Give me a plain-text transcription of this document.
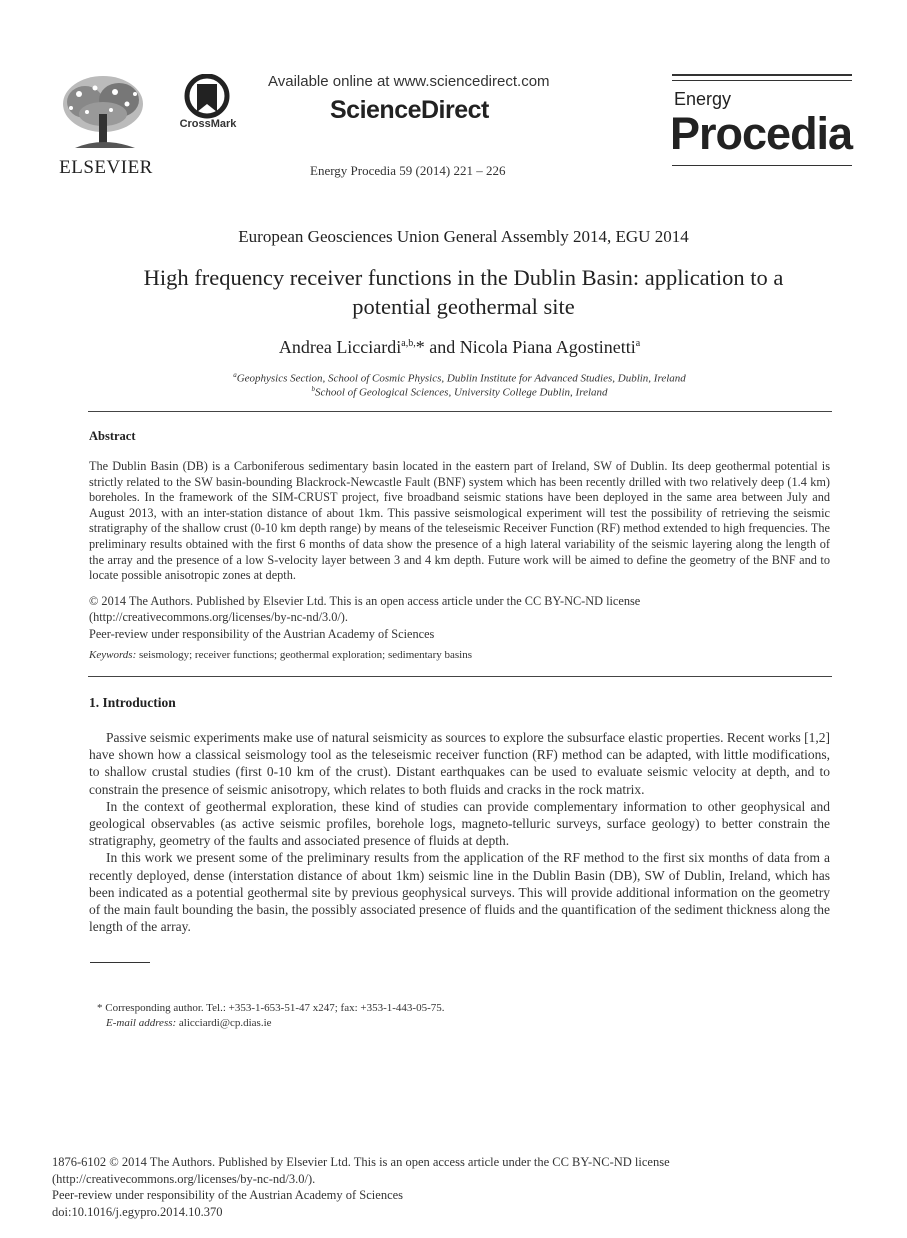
ELSEVIER
CrossMark
Available online at www.sciencedirect.com
ScienceDirect
Energy Procedia 59 (2014) 221 – 226
Energy
Procedia
European Geosciences Union General Assembly 2014, EGU 2014
High frequency receiver functions in the Dublin Basin: application to a
potential geothermal site
Andrea Licciardi$^{a,b,}$* and Nicola Piana Agostinetti$^a$
$^a$Geophysics Section, School of Cosmic Physics, Dublin Institute for Advanced Studies, Dublin, Ireland
$^b$School of Geological Sciences, University College Dublin, Ireland
Abstract
The Dublin Basin (DB) is a Carboniferous sedimentary basin located in the eastern part of Ireland, SW of Dublin. Its deep geothermal potential is strictly related to the SW basin-bounding Blackrock-Newcastle Fault (BNF) system which has been recently drilled with two relatively deep (1.4 km) boreholes. In the framework of the SIM-CRUST project, five broadband seismic stations have been deployed in the same area between July and August 2013, with an inter-station distance of about 1km. This passive seismological experiment will test the possibility of retrieving the seismic stratigraphy of the shallow crust (0-10 km depth range) by means of the teleseismic Receiver Function (RF) method extended to high frequencies. The preliminary results obtained with the first 6 months of data show the presence of a high lateral variability of the seismic layering along the length of the array and the presence of a low S-velocity layer between 3 and 4 km depth. Future work will be aimed to define the geometry of the BNF and to locate possible anisotropic zones at depth.
© 2014 The Authors. Published by Elsevier Ltd. This is an open access article under the CC BY-NC-ND license
(http://creativecommons.org/licenses/by-nc-nd/3.0/).
Peer-review under responsibility of the Austrian Academy of Sciences
Keywords: seismology; receiver functions; geothermal exploration; sedimentary basins
1. Introduction

Passive seismic experiments make use of natural seismicity as sources to explore the subsurface elastic properties. Recent works [1,2] have shown how a classical seismology tool as the teleseismic receiver function (RF) method can be adapted, with little modifications, to shallow crustal studies (first 0-10 km of the crust). Distant earthquakes can be used to evaluate seismic velocity at depth, and to constrain the presence of seismic anisotropy, which relates to both fluids and cracks in the rock matrix.

In the context of geothermal exploration, these kind of studies can provide complementary information to other geophysical and geological observables (as active seismic profiles, borehole logs, magneto-telluric surveys, surface geology) to better constrain the stratigraphy, geometry of the faults and associated presence of fluids at depth.

In this work we present some of the preliminary results from the application of the RF method to the first six months of data from a recently deployed, dense (interstation distance of about 1km) seismic line in the Dublin Basin (DB), SW of Dublin, Ireland, which has been indicated as a potential geothermal site by previous geophysical surveys. This will provide additional information on the geometry of the main fault bounding the basin, the possibly associated presence of fluids and the quantification of the sediment thickness along the length of the array.

* Corresponding author. Tel.: +353-1-653-51-47 x247; fax: +353-1-443-05-75.
E-mail address: alicciardi@cp.dias.ie
1876-6102 © 2014 The Authors. Published by Elsevier Ltd. This is an open access article under the CC BY-NC-ND license
(http://creativecommons.org/licenses/by-nc-nd/3.0/).
Peer-review under responsibility of the Austrian Academy of Sciences
doi:10.1016/j.egypro.2014.10.370
